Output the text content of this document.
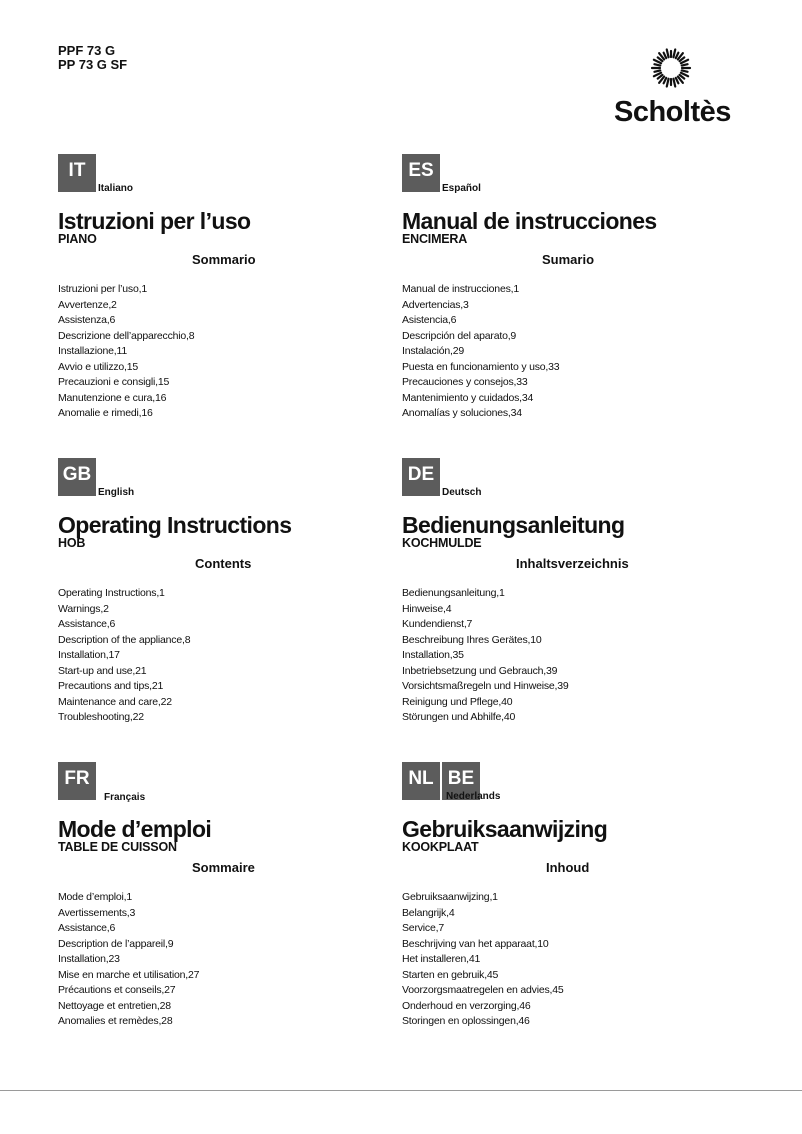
PPF 73 G
PP 73 G SF
Scholtès
IT
Italiano
Istruzioni per l’uso
PIANO
Sommario
Istruzioni per l’uso,1
Avvertenze,2
Assistenza,6
Descrizione dell’apparecchio,8
Installazione,11
Avvio e utilizzo,15
Precauzioni e consigli,15
Manutenzione e cura,16
Anomalie e rimedi,16
ES
Español
Manual de instrucciones
ENCIMERA
Sumario
Manual de instrucciones,1
Advertencias,3
Asistencia,6
Descripción del aparato,9
Instalación,29
Puesta en funcionamiento y uso,33
Precauciones y consejos,33
Mantenimiento y cuidados,34
Anomalías y soluciones,34
GB
English
Operating Instructions
HOB
Contents
Operating Instructions,1
Warnings,2
Assistance,6
Description of the appliance,8
Installation,17
Start-up and use,21
Precautions and tips,21
Maintenance and care,22
Troubleshooting,22
DE
Deutsch
Bedienungsanleitung
KOCHMULDE
Inhaltsverzeichnis
Bedienungsanleitung,1
Hinweise,4
Kundendienst,7
Beschreibung Ihres Gerätes,10
Installation,35
Inbetriebsetzung und Gebrauch,39
Vorsichtsmaßregeln und Hinweise,39
Reinigung und Pflege,40
Störungen und Abhilfe,40
FR
Français
Mode d’emploi
TABLE DE CUISSON
Sommaire
Mode d’emploi,1
Avertissements,3
Assistance,6
Description de l’appareil,9
Installation,23
Mise en marche et utilisation,27
Précautions et conseils,27
Nettoyage et entretien,28
Anomalies et remèdes,28
NL BE
Nederlands
Gebruiksaanwijzing
KOOKPLAAT
Inhoud
Gebruiksaanwijzing,1
Belangrijk,4
Service,7
Beschrijving van het apparaat,10
Het installeren,41
Starten en gebruik,45
Voorzorgsmaatregelen en advies,45
Onderhoud en verzorging,46
Storingen en oplossingen,46
